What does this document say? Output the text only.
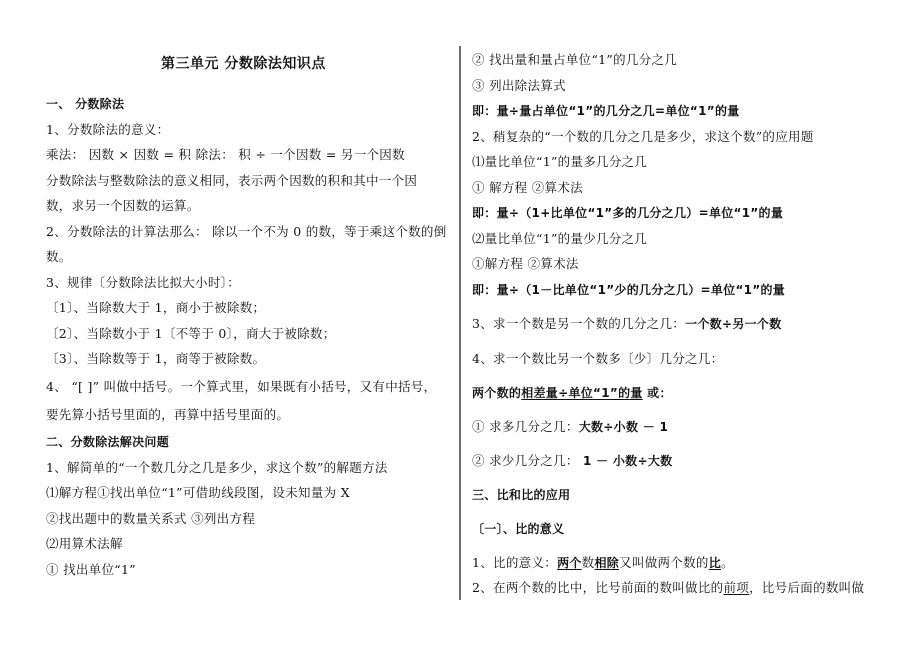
第三单元 分数除法知识点
一、 分数除法
1、分数除法的意义：
乘法： 因数 × 因数 = 积 除法： 积 ÷ 一个因数 = 另一个因数
分数除法与整数除法的意义相同，表示两个因数的积和其中一个因
数，求另一个因数的运算。
2、分数除法的计算法那么： 除以一个不为 0 的数，等于乘这个数的倒
数。
3、规律〔分数除法比拟大小时〕：
〔1〕、当除数大于 1，商小于被除数；
〔2〕、当除数小于 1〔不等于 0〕，商大于被除数；
〔3〕、当除数等于 1，商等于被除数。
4、 “[ ]” 叫做中括号。一个算式里，如果既有小括号，又有中括号，
要先算小括号里面的，再算中括号里面的。
二、分数除法解决问题
1、解简单的“一个数几分之几是多少，求这个数”的解题方法
⑴解方程①找出单位“1”可借助线段图，设未知量为 X
②找出题中的数量关系式 ③列出方程
⑵用算术法解
① 找出单位“1”
② 找出量和量占单位“1”的几分之几
③ 列出除法算式
即：量÷量占单位“1”的几分之几=单位“1”的量
2、稍复杂的“一个数的几分之几是多少，求这个数”的应用题
⑴量比单位“1”的量多几分之几
① 解方程 ②算术法
即：量÷（1+比单位“1”多的几分之几）=单位“1”的量
⑵量比单位“1”的量少几分之几
①解方程 ②算术法
即：量÷（1－比单位“1”少的几分之几）=单位“1”的量
3、求一个数是另一个数的几分之几：一个数÷另一个数
4、求一个数比另一个数多〔少〕几分之几：
两个数的相差量÷单位“1”的量 或：
① 求多几分之几：大数÷小数 － 1
② 求少几分之几： 1 － 小数÷大数
三、比和比的应用
〔一〕、比的意义
1、比的意义：两个数相除又叫做两个数的比。
2、在两个数的比中，比号前面的数叫做比的前项，比号后面的数叫做
